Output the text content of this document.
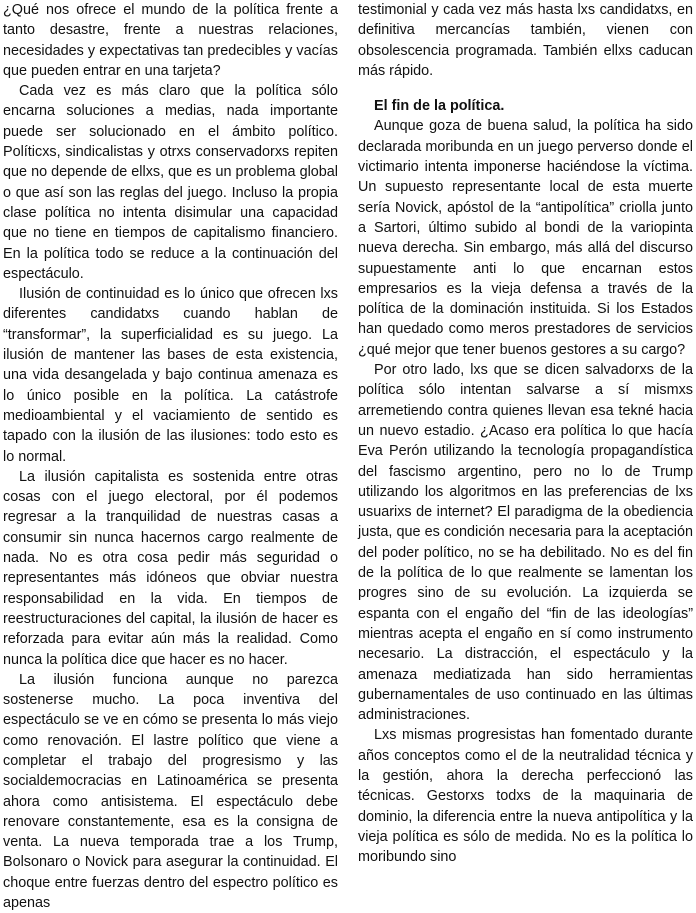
¿Qué nos ofrece el mundo de la política frente a tanto desastre, frente a nuestras relaciones, necesidades y expectativas tan predecibles y vacías que pueden entrar en una tarjeta?

Cada vez es más claro que la política sólo encarna soluciones a medias, nada importante puede ser solucionado en el ámbito político. Políticxs, sindicalistas y otrxs conservadorxs repiten que no depende de ellxs, que es un problema global o que así son las reglas del juego. Incluso la propia clase política no intenta disimular una capacidad que no tiene en tiempos de capitalismo financiero. En la política todo se reduce a la continuación del espectáculo.

Ilusión de continuidad es lo único que ofrecen lxs diferentes candidatxs cuando hablan de “transformar”, la superficialidad es su juego. La ilusión de mantener las bases de esta existencia, una vida desangelada y bajo continua amenaza es lo único posible en la política. La catástrofe medioambiental y el vaciamiento de sentido es tapado con la ilusión de las ilusiones: todo esto es lo normal.

La ilusión capitalista es sostenida entre otras cosas con el juego electoral, por él podemos regresar a la tranquilidad de nuestras casas a consumir sin nunca hacernos cargo realmente de nada. No es otra cosa pedir más seguridad o representantes más idóneos que obviar nuestra responsabilidad en la vida. En tiempos de reestructuraciones del capital, la ilusión de hacer es reforzada para evitar aún más la realidad. Como nunca la política dice que hacer es no hacer.

La ilusión funciona aunque no parezca sostenerse mucho. La poca inventiva del espectáculo se ve en cómo se presenta lo más viejo como renovación. El lastre político que viene a completar el trabajo del progresismo y las socialdemocracias en Latinoamérica se presenta ahora como antisistema. El espectáculo debe renovare constantemente, esa es la consigna de venta. La nueva temporada trae a los Trump, Bolsonaro o Novick para asegurar la continuidad. El choque entre fuerzas dentro del espectro político es apenas

testimonial y cada vez más hasta lxs candidatxs, en definitiva mercancías también, vienen con obsolescencia programada. También ellxs caducan más rápido.

El fin de la política.

Aunque goza de buena salud, la política ha sido declarada moribunda en un juego perverso donde el victimario intenta imponerse haciéndose la víctima. Un supuesto representante local de esta muerte sería Novick, apóstol de la “antipolítica” criolla junto a Sartori, último subido al bondi de la variopinta nueva derecha. Sin embargo, más allá del discurso supuestamente anti lo que encarnan estos empresarios es la vieja defensa a través de la política de la dominación instituida. Si los Estados han quedado como meros prestadores de servicios ¿qué mejor que tener buenos gestores a su cargo?

Por otro lado, lxs que se dicen salvadorxs de la política sólo intentan salvarse a sí mismxs arremetiendo contra quienes llevan esa tekné hacia un nuevo estadio. ¿Acaso era política lo que hacía Eva Perón utilizando la tecnología propagandística del fascismo argentino, pero no lo de Trump utilizando los algoritmos en las preferencias de lxs usuarixs de internet? El paradigma de la obediencia justa, que es condición necesaria para la aceptación del poder político, no se ha debilitado. No es del fin de la política de lo que realmente se lamentan los progres sino de su evolución. La izquierda se espanta con el engaño del “fin de las ideologías” mientras acepta el engaño en sí como instrumento necesario. La distracción, el espectáculo y la amenaza mediatizada han sido herramientas gubernamentales de uso continuado en las últimas administraciones.

Lxs mismas progresistas han fomentado durante años conceptos como el de la neutralidad técnica y la gestión, ahora la derecha perfeccionó las técnicas. Gestorxs todxs de la maquinaria de dominio, la diferencia entre la nueva antipolítica y la vieja política es sólo de medida. No es la política lo moribundo sino
